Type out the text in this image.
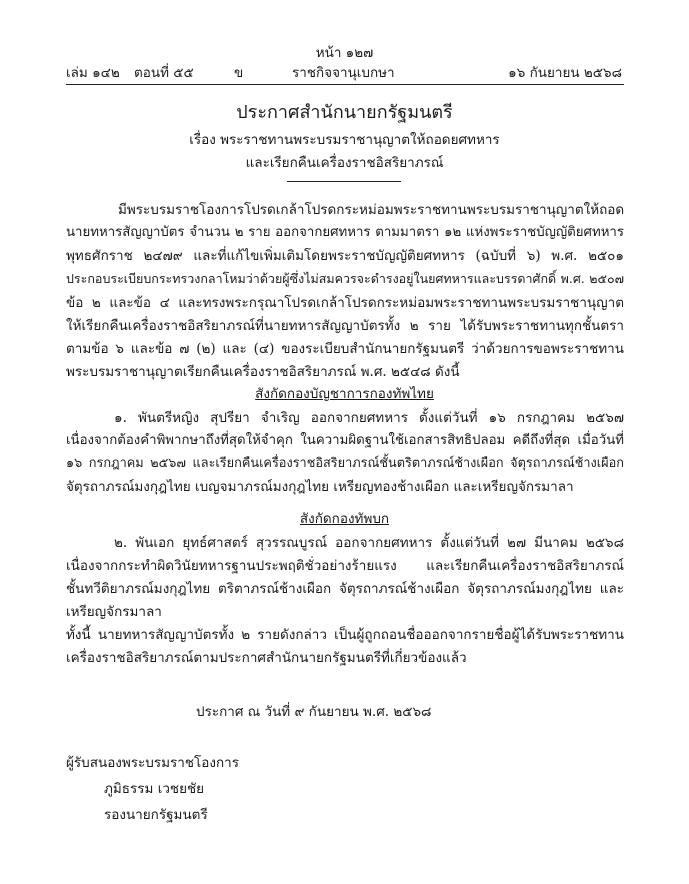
หน้า ๑๒๗
เล่ม ๑๔๒ ตอนที่ ๕๕	ข	ราชกิจจานุเบกษา	๑๖ กันยายน ๒๕๖๘
ประกาศสำนักนายกรัฐมนตรี
เรื่อง พระราชทานพระบรมราชานุญาตให้ถอดยศทหาร
และเรียกคืนเครื่องราชอิสริยาภรณ์
มีพระบรมราชโองการโปรดเกล้าโปรดกระหม่อมพระราชทานพระบรมราชานุญาตให้ถอด
นายทหารสัญญาบัตร จำนวน ๒ ราย ออกจากยศทหาร ตามมาตรา ๑๒ แห่งพระราชบัญญัติยศทหาร
พุทธศักราช ๒๔๗๙ และที่แก้ไขเพิ่มเติมโดยพระราชบัญญัติยศทหาร (ฉบับที่ ๖) พ.ศ. ๒๕๐๑
ประกอบระเบียบกระทรวงกลาโหมว่าด้วยผู้ซึ่งไม่สมควรจะดำรงอยู่ในยศทหารและบรรดาศักดิ์ พ.ศ. ๒๕๐๗
ข้อ ๒ และข้อ ๔ และทรงพระกรุณาโปรดเกล้าโปรดกระหม่อมพระราชทานพระบรมราชานุญาต
ให้เรียกคืนเครื่องราชอิสริยาภรณ์ที่นายทหารสัญญาบัตรทั้ง ๒ ราย ได้รับพระราชทานทุกชั้นตรา
ตามข้อ ๖ และข้อ ๗ (๒) และ (๔) ของระเบียบสำนักนายกรัฐมนตรี ว่าด้วยการขอพระราชทาน
พระบรมราชานุญาตเรียกคืนเครื่องราชอิสริยาภรณ์ พ.ศ. ๒๕๔๘ ดังนี้
สังกัดกองบัญชาการกองทัพไทย
๑. พันตรีหญิง สุปรียา จำเริญ ออกจากยศทหาร ตั้งแต่วันที่ ๑๖ กรกฎาคม ๒๕๖๗
เนื่องจากต้องคำพิพากษาถึงที่สุดให้จำคุก ในความผิดฐานใช้เอกสารสิทธิปลอม คดีถึงที่สุด เมื่อวันที่
๑๖ กรกฎาคม ๒๕๖๗ และเรียกคืนเครื่องราชอิสริยาภรณ์ชั้นตริตาภรณ์ช้างเผือก จัตุรถาภรณ์ช้างเผือก
จัตุรถาภรณ์มงกุฎไทย เบญจมาภรณ์มงกุฎไทย เหรียญทองช้างเผือก และเหรียญจักรมาลา
สังกัดกองทัพบก
๒. พันเอก ยุทธ์ศาสตร์ สุวรรณบูรณ์ ออกจากยศทหาร ตั้งแต่วันที่ ๒๗ มีนาคม ๒๕๖๘
เนื่องจากกระทำผิดวินัยทหารฐานประพฤติชั่วอย่างร้ายแรง และเรียกคืนเครื่องราชอิสริยาภรณ์
ชั้นทวีติยาภรณ์มงกุฎไทย ตริตาภรณ์ช้างเผือก จัตุรถาภรณ์ช้างเผือก จัตุรถาภรณ์มงกุฎไทย และ
เหรียญจักรมาลา
ทั้งนี้ นายทหารสัญญาบัตรทั้ง ๒ รายดังกล่าว เป็นผู้ถูกถอนชื่อออกจากรายชื่อผู้ได้รับพระราชทาน
เครื่องราชอิสริยาภรณ์ตามประกาศสำนักนายกรัฐมนตรีที่เกี่ยวข้องแล้ว
ประกาศ ณ วันที่ ๙ กันยายน พ.ศ. ๒๕๖๘
ผู้รับสนองพระบรมราชโองการ
ภูมิธรรม เวชยชัย
รองนายกรัฐมนตรี
